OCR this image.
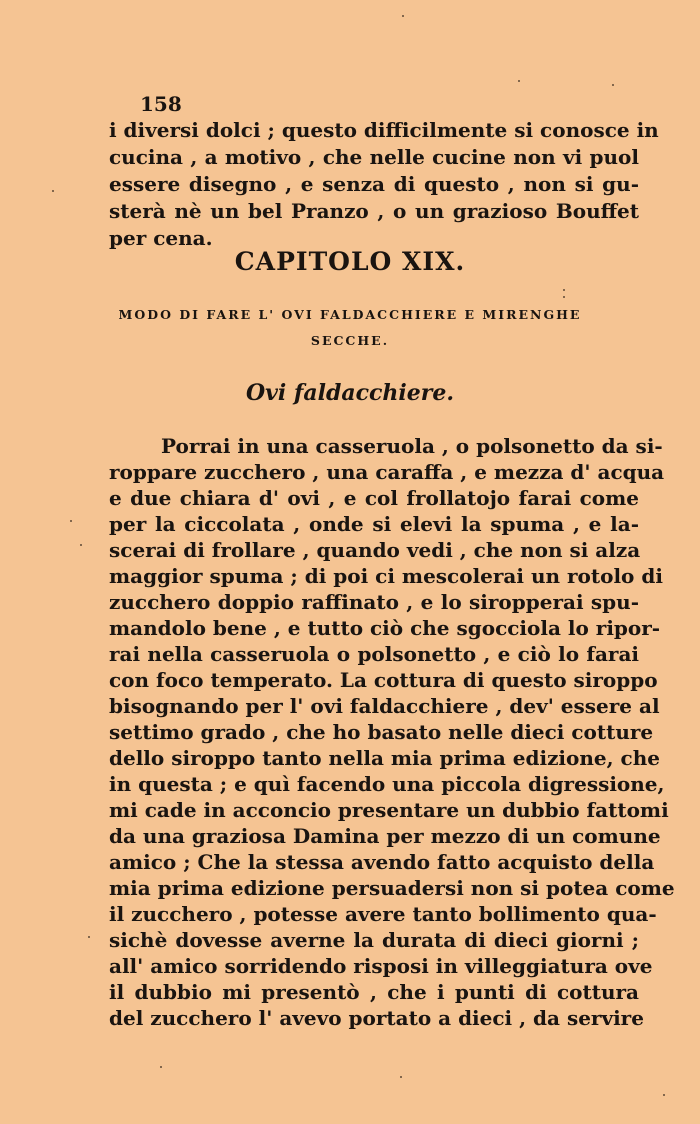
158
i diversi dolci ; questo difficilmente si conosce in
cucina , a motivo , che nelle cucine non vi puol
essere disegno , e senza di questo , non si gu-
sterà nè un bel Pranzo , o un grazioso Bouffet
per cena.
CAPITOLO XIX.
MODO DI FARE L' OVI FALDACCHIERE E MIRENGHE
SECCHE.
Ovi faldacchiere.
Porrai in una casseruola , o polsonetto da si-
roppare zucchero , una caraffa , e mezza d' acqua
e due chiara d' ovi , e col frollatojo farai come
per la ciccolata , onde si elevi la spuma , e la-
scerai di frollare , quando vedi , che non si alza
maggior spuma ; di poi ci mescolerai un rotolo di
zucchero doppio raffinato , e lo siropperai spu-
mandolo bene , e tutto ciò che sgocciola lo ripor-
rai nella casseruola o polsonetto , e ciò lo farai
con foco temperato. La cottura di questo siroppo
bisognando per l' ovi faldacchiere , dev' essere al
settimo grado , che ho basato nelle dieci cotture
dello siroppo tanto nella mia prima edizione, che
in questa ; e quì facendo una piccola digressione,
mi cade in acconcio presentare un dubbio fattomi
da una graziosa Damina per mezzo di un comune
amico ; Che la stessa avendo fatto acquisto della
mia prima edizione persuadersi non si potea come
il zucchero , potesse avere tanto bollimento qua-
sichè dovesse averne la durata di dieci giorni ;
all' amico sorridendo risposi in villeggiatura ove
il dubbio mi presentò , che i punti di cottura
del zucchero l' avevo portato a dieci , da servire
